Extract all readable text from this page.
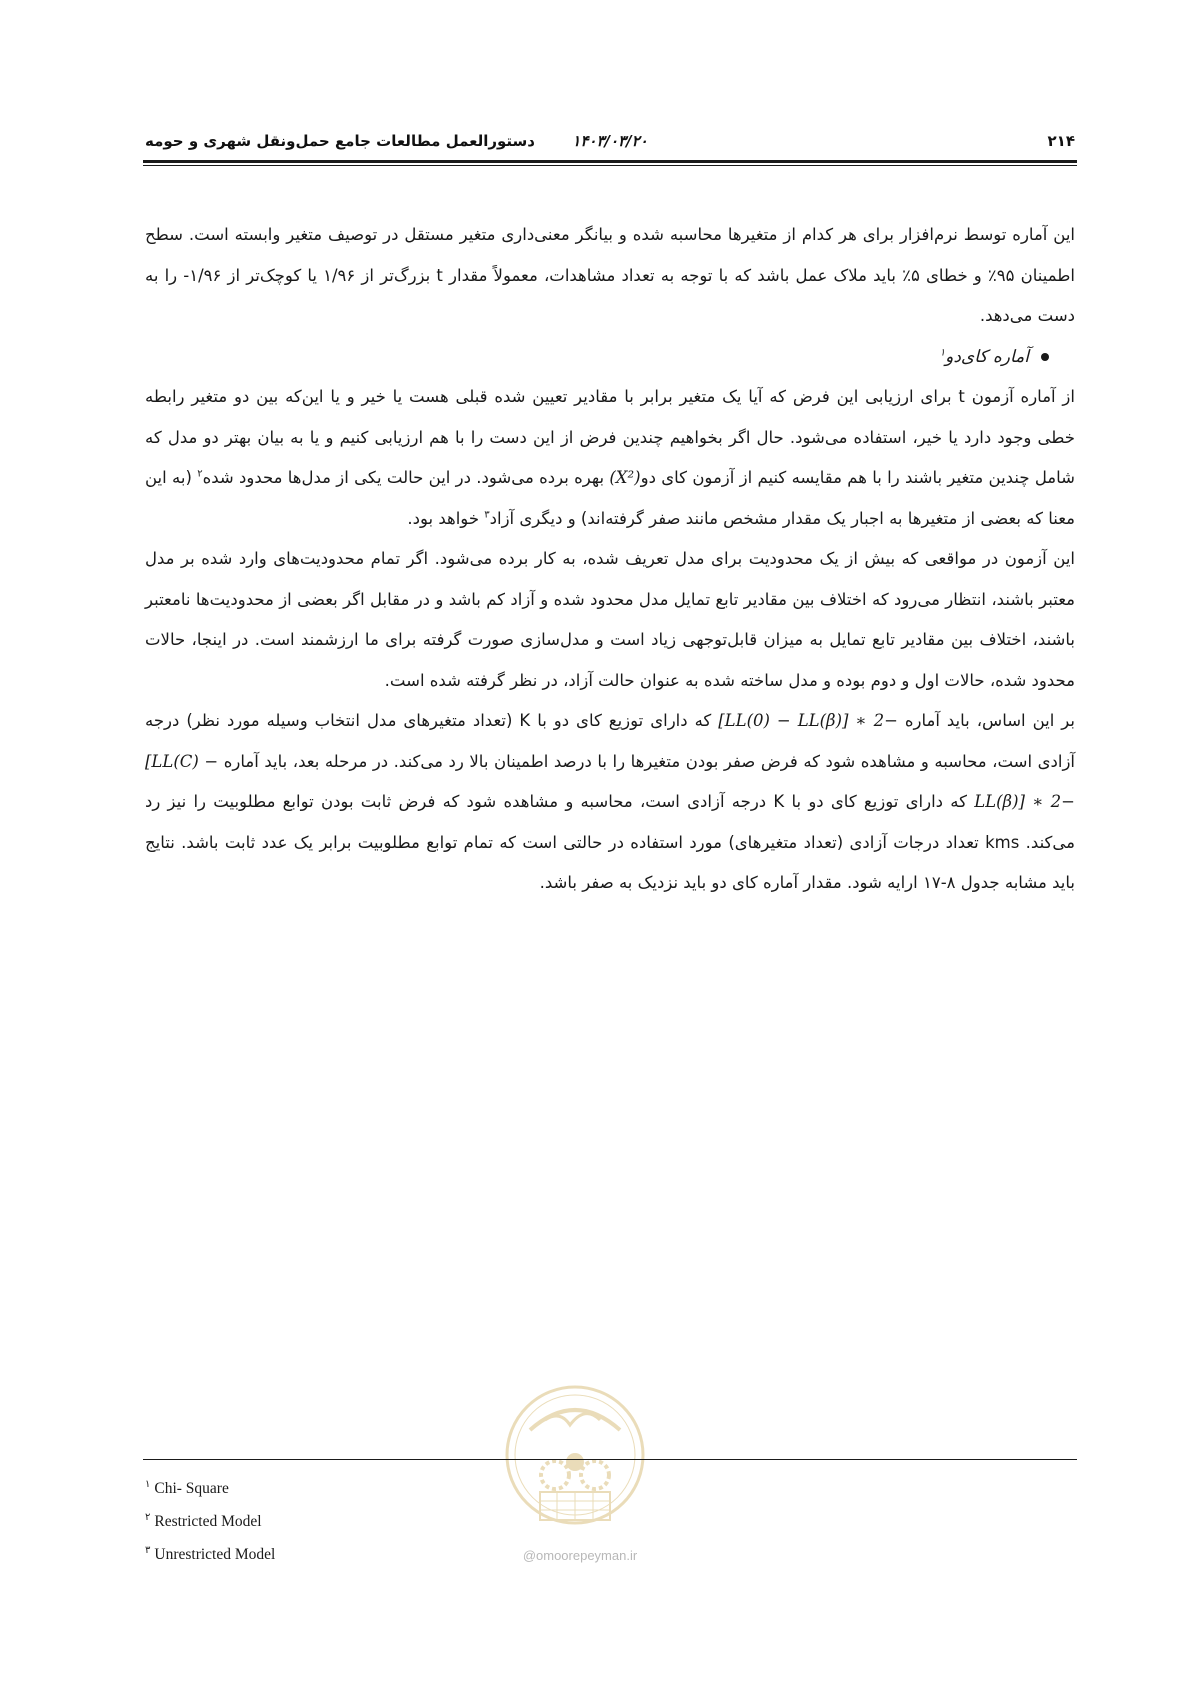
۲۱۴
۱۴۰۳/۰۳/۲۰
دستورالعمل مطالعات جامع حمل‌ونقل شهری و حومه

این آماره توسط نرم‌افزار برای هر کدام از متغیرها محاسبه شده و بیانگر معنی‌داری متغیر مستقل در توصیف متغیر وابسته است. سطح اطمینان ۹۵٪ و خطای ۵٪ باید ملاک عمل باشد که با توجه به تعداد مشاهدات، معمولاً مقدار t بزرگ‌تر از ۱/۹۶ یا کوچک‌تر از ۱/۹۶- را به دست می‌دهد.

آماره کای‌دو$^۱$

از آماره آزمون t برای ارزیابی این فرض که آیا یک متغیر برابر با مقادیر تعیین شده قبلی هست یا خیر و یا این‌که بین دو متغیر رابطه خطی وجود دارد یا خیر، استفاده می‌شود. حال اگر بخواهیم چندین فرض از این دست را با هم ارزیابی کنیم و یا به بیان بهتر دو مدل که شامل چندین متغیر باشند را با هم مقایسه کنیم از آزمون کای دو(X²) بهره برده می‌شود. در این حالت یکی از مدل‌ها محدود شده$^۲$ (به این معنا که بعضی از متغیرها به اجبار یک مقدار مشخص مانند صفر گرفته‌اند) و دیگری آزاد$^۳$ خواهد بود.

این آزمون در مواقعی که بیش از یک محدودیت برای مدل تعریف شده، به کار برده می‌شود. اگر تمام محدودیت‌های وارد شده بر مدل معتبر باشند، انتظار می‌رود که اختلاف بین مقادیر تابع تمایل مدل محدود شده و آزاد کم باشد و در مقابل اگر بعضی از محدودیت‌ها نامعتبر باشند، اختلاف بین مقادیر تابع تمایل به میزان قابل‌توجهی زیاد است و مدل‌سازی صورت گرفته برای ما ارزشمند است. در اینجا، حالات محدود شده، حالات اول و دوم بوده و مدل ساخته شده به عنوان حالت آزاد، در نظر گرفته شده است.

بر این اساس، باید آماره [LL(0) − LL(β)] ∗ 2− که دارای توزیع کای دو با K (تعداد متغیرهای مدل انتخاب وسیله مورد نظر) درجه آزادی است، محاسبه و مشاهده شود که فرض صفر بودن متغیرها را با درصد اطمینان بالا رد می‌کند. در مرحله بعد، باید آماره [LL(C) − LL(β)] ∗ 2− که دارای توزیع کای دو با K درجه آزادی است، محاسبه و مشاهده شود که فرض ثابت بودن توابع مطلوبیت را نیز رد می‌کند. kms تعداد درجات آزادی (تعداد متغیرهای) مورد استفاده در حالتی است که تمام توابع مطلوبیت برابر یک عدد ثابت باشد. نتایج باید مشابه جدول ۸-۱۷ ارایه شود. مقدار آماره کای دو باید نزدیک به صفر باشد.

@omoorepeyman.ir
$^۱$ Chi- Square
$^۲$ Restricted Model
$^۳$ Unrestricted Model
